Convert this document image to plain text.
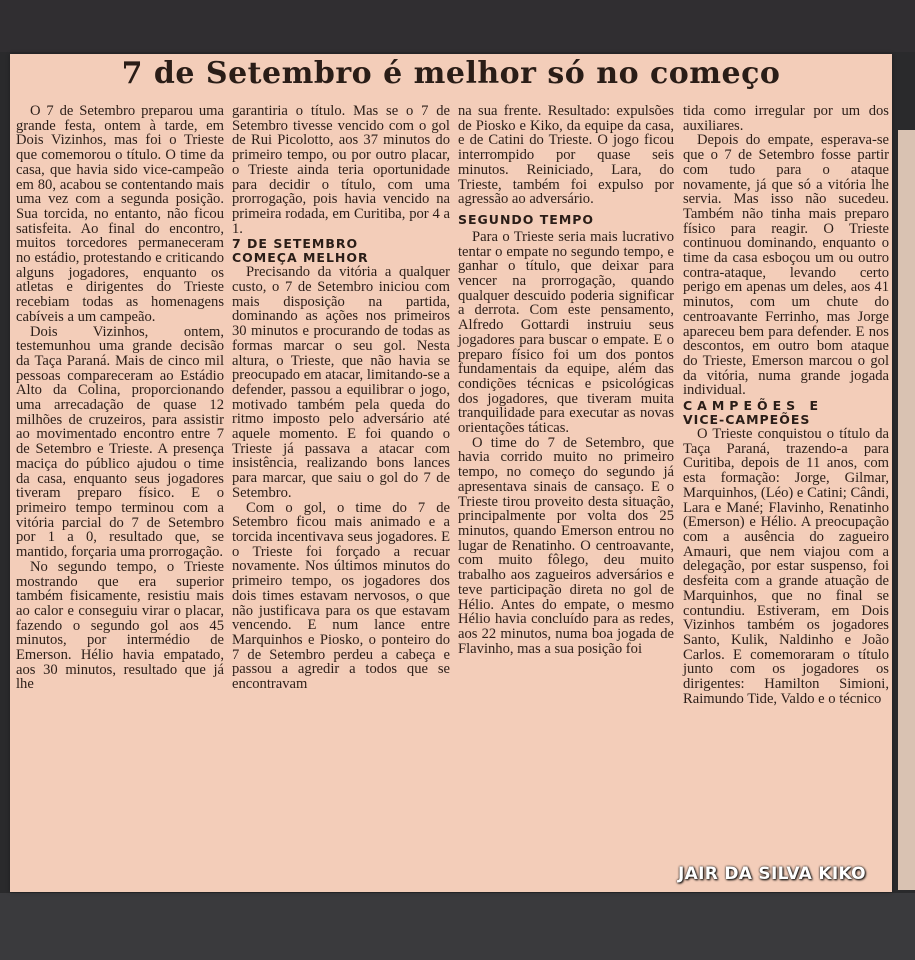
7 de Setembro é melhor só no começo

O 7 de Setembro preparou uma grande festa, ontem à tarde, em Dois Vizinhos, mas foi o Trieste que comemorou o título. O time da casa, que havia sido vice-campeão em 80, acabou se contentando mais uma vez com a segunda posição. Sua torcida, no entanto, não ficou satisfeita. Ao final do encontro, muitos torcedores permaneceram no estádio, protestando e criticando alguns jogadores, enquanto os atletas e dirigentes do Trieste recebiam todas as homenagens cabíveis a um campeão.

Dois Vizinhos, ontem, testemunhou uma grande decisão da Taça Paraná. Mais de cinco mil pessoas compareceram ao Estádio Alto da Colina, proporcionando uma arrecadação de quase 12 milhões de cruzeiros, para assistir ao movimentado encontro entre 7 de Setembro e Trieste. A presença maciça do público ajudou o time da casa, enquanto seus jogadores tiveram preparo físico. E o primeiro tempo terminou com a vitória parcial do 7 de Setembro por 1 a 0, resultado que, se mantido, forçaria uma prorrogação.

No segundo tempo, o Trieste mostrando que era superior também fisicamente, resistiu mais ao calor e conseguiu virar o placar, fazendo o segundo gol aos 45 minutos, por intermédio de Emerson. Hélio havia empatado, aos 30 minutos, resultado que já lhe

garantiria o título. Mas se o 7 de Setembro tivesse vencido com o gol de Rui Picolotto, aos 37 minutos do primeiro tempo, ou por outro placar, o Trieste ainda teria oportunidade para decidir o título, com uma prorrogação, pois havia vencido na primeira rodada, em Curitiba, por 4 a 1.

7 DE SETEMBRO
COMEÇA MELHOR

Precisando da vitória a qualquer custo, o 7 de Setembro iniciou com mais disposição na partida, dominando as ações nos primeiros 30 minutos e procurando de todas as formas marcar o seu gol. Nesta altura, o Trieste, que não havia se preocupado em atacar, limitando-se a defender, passou a equilibrar o jogo, motivado também pela queda do ritmo imposto pelo adversário até aquele momento. E foi quando o Trieste já passava a atacar com insistência, realizando bons lances para marcar, que saiu o gol do 7 de Setembro.

Com o gol, o time do 7 de Setembro ficou mais animado e a torcida incentivava seus jogadores. E o Trieste foi forçado a recuar novamente. Nos últimos minutos do primeiro tempo, os jogadores dos dois times estavam nervosos, o que não justificava para os que estavam vencendo. E num lance entre Marquinhos e Piosko, o ponteiro do 7 de Setembro perdeu a cabeça e passou a agredir a todos que se encontravam

na sua frente. Resultado: expulsões de Piosko e Kiko, da equipe da casa, e de Catini do Trieste. O jogo ficou interrompido por quase seis minutos. Reiniciado, Lara, do Trieste, também foi expulso por agressão ao adversário.

SEGUNDO TEMPO

Para o Trieste seria mais lucrativo tentar o empate no segundo tempo, e ganhar o título, que deixar para vencer na prorrogação, quando qualquer descuido poderia significar a derrota. Com este pensamento, Alfredo Gottardi instruiu seus jogadores para buscar o empate. E o preparo físico foi um dos pontos fundamentais da equipe, além das condições técnicas e psicológicas dos jogadores, que tiveram muita tranquilidade para executar as novas orientações táticas.

O time do 7 de Setembro, que havia corrido muito no primeiro tempo, no começo do segundo já apresentava sinais de cansaço. E o Trieste tirou proveito desta situação, principalmente por volta dos 25 minutos, quando Emerson entrou no lugar de Renatinho. O centroavante, com muito fôlego, deu muito trabalho aos zagueiros adversários e teve participação direta no gol de Hélio. Antes do empate, o mesmo Hélio havia concluído para as redes, aos 22 minutos, numa boa jogada de Flavinho, mas a sua posição foi

tida como irregular por um dos auxiliares.

Depois do empate, esperava-se que o 7 de Setembro fosse partir com tudo para o ataque novamente, já que só a vitória lhe servia. Mas isso não sucedeu. Também não tinha mais preparo físico para reagir. O Trieste continuou dominando, enquanto o time da casa esboçou um ou outro contra-ataque, levando certo perigo em apenas um deles, aos 41 minutos, com um chute do centroavante Ferrinho, mas Jorge apareceu bem para defender. E nos descontos, em outro bom ataque do Trieste, Emerson marcou o gol da vitória, numa grande jogada individual.

CAMPEÕES E
VICE-CAMPEÕES

O Trieste conquistou o título da Taça Paraná, trazendo-a para Curitiba, depois de 11 anos, com esta formação: Jorge, Gilmar, Marquinhos, (Léo) e Catini; Cândi, Lara e Mané; Flavinho, Renatinho (Emerson) e Hélio. A preocupação com a ausência do zagueiro Amauri, que nem viajou com a delegação, por estar suspenso, foi desfeita com a grande atuação de Marquinhos, que no final se contundiu. Estiveram, em Dois Vizinhos também os jogadores Santo, Kulik, Naldinho e João Carlos. E comemoraram o título junto com os jogadores os dirigentes: Hamilton Simioni, Raimundo Tide, Valdo e o técnico

JAIR DA SILVA KIKO
